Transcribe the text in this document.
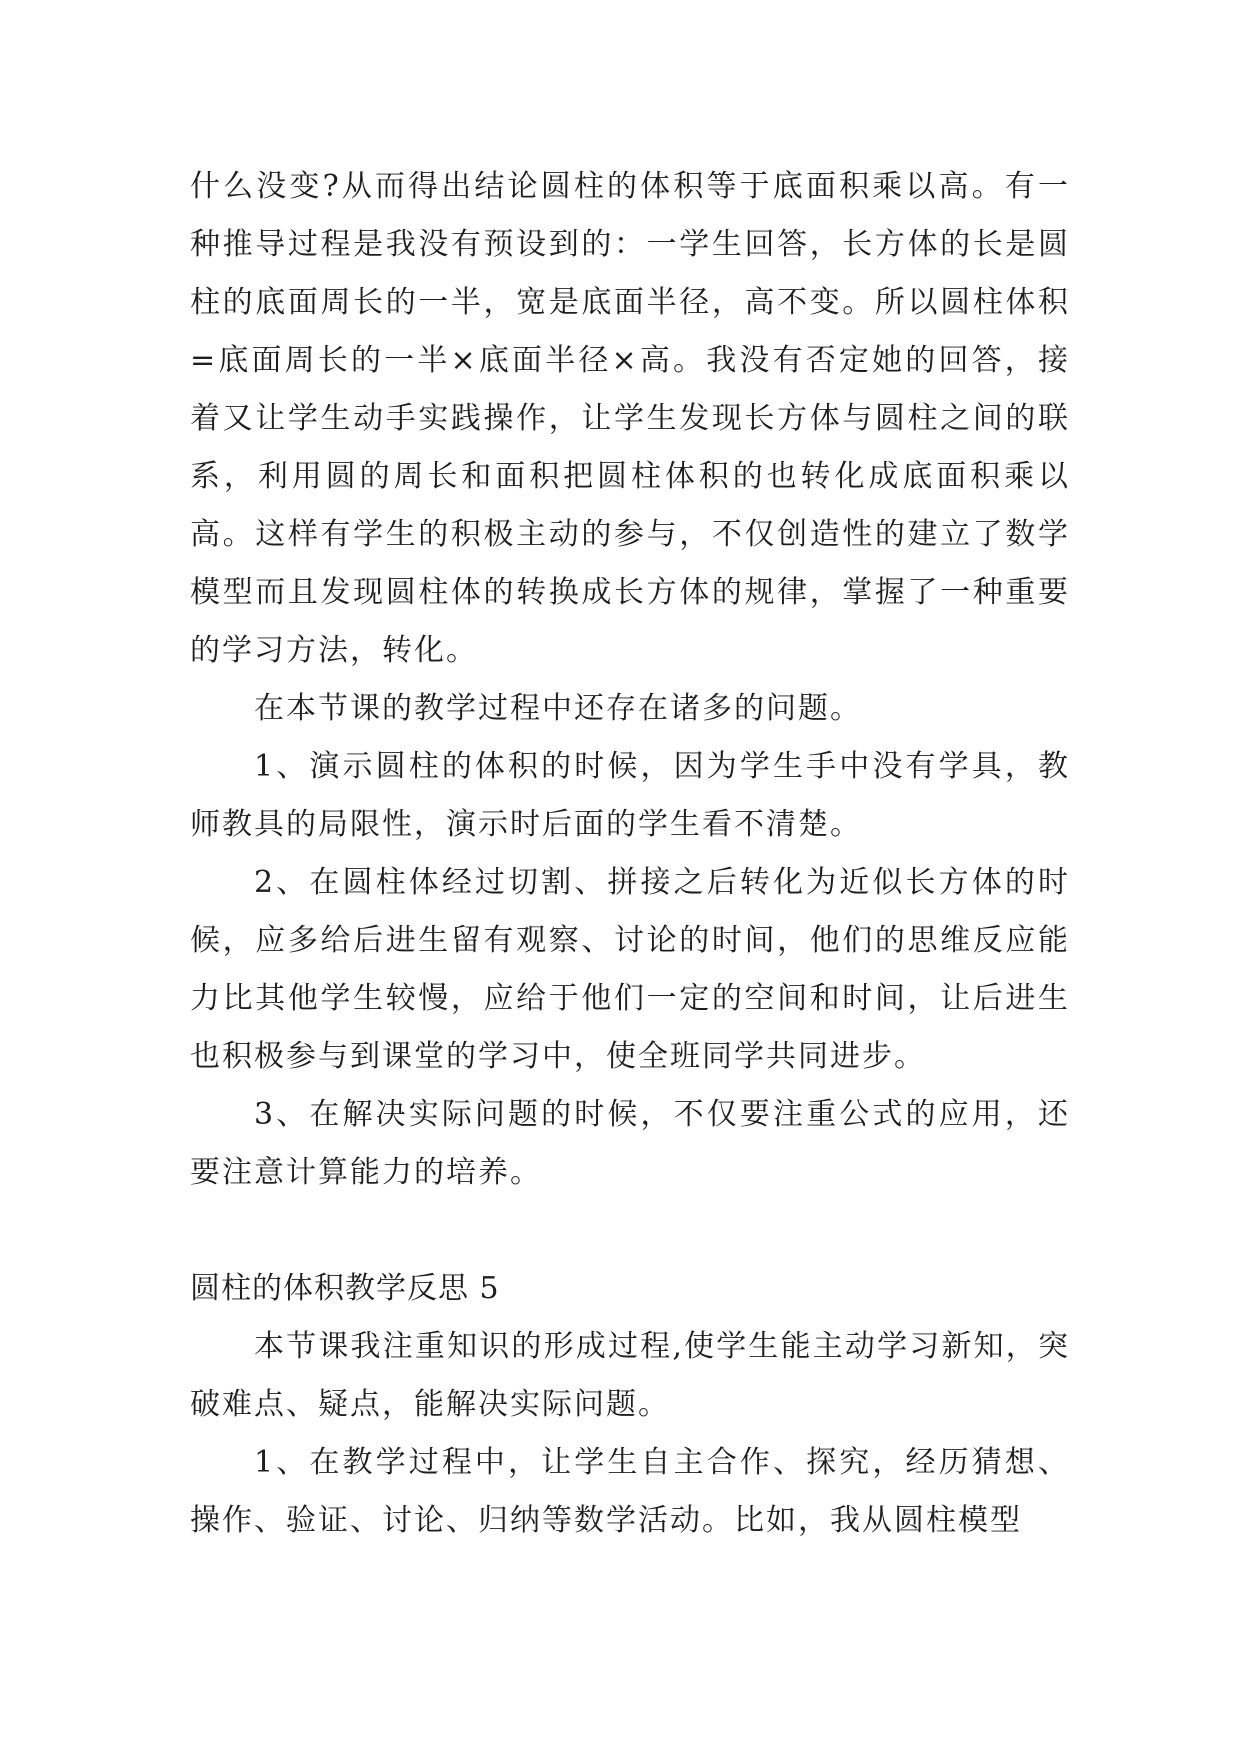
什么没变?从而得出结论圆柱的体积等于底面积乘以高。有一种推导过程是我没有预设到的：一学生回答，长方体的长是圆柱的底面周长的一半，宽是底面半径，高不变。所以圆柱体积=底面周长的一半×底面半径×高。我没有否定她的回答，接着又让学生动手实践操作，让学生发现长方体与圆柱之间的联系，利用圆的周长和面积把圆柱体积的也转化成底面积乘以高。这样有学生的积极主动的参与，不仅创造性的建立了数学模型而且发现圆柱体的转换成长方体的规律，掌握了一种重要的学习方法，转化。

在本节课的教学过程中还存在诸多的问题。

1、演示圆柱的体积的时候，因为学生手中没有学具，教师教具的局限性，演示时后面的学生看不清楚。

2、在圆柱体经过切割、拼接之后转化为近似长方体的时候，应多给后进生留有观察、讨论的时间，他们的思维反应能力比其他学生较慢，应给于他们一定的空间和时间，让后进生也积极参与到课堂的学习中，使全班同学共同进步。

3、在解决实际问题的时候，不仅要注重公式的应用，还要注意计算能力的培养。

圆柱的体积教学反思 5

本节课我注重知识的形成过程,使学生能主动学习新知，突破难点、疑点，能解决实际问题。

1、在教学过程中，让学生自主合作、探究，经历猜想、操作、验证、讨论、归纳等数学活动。比如，我从圆柱模型
